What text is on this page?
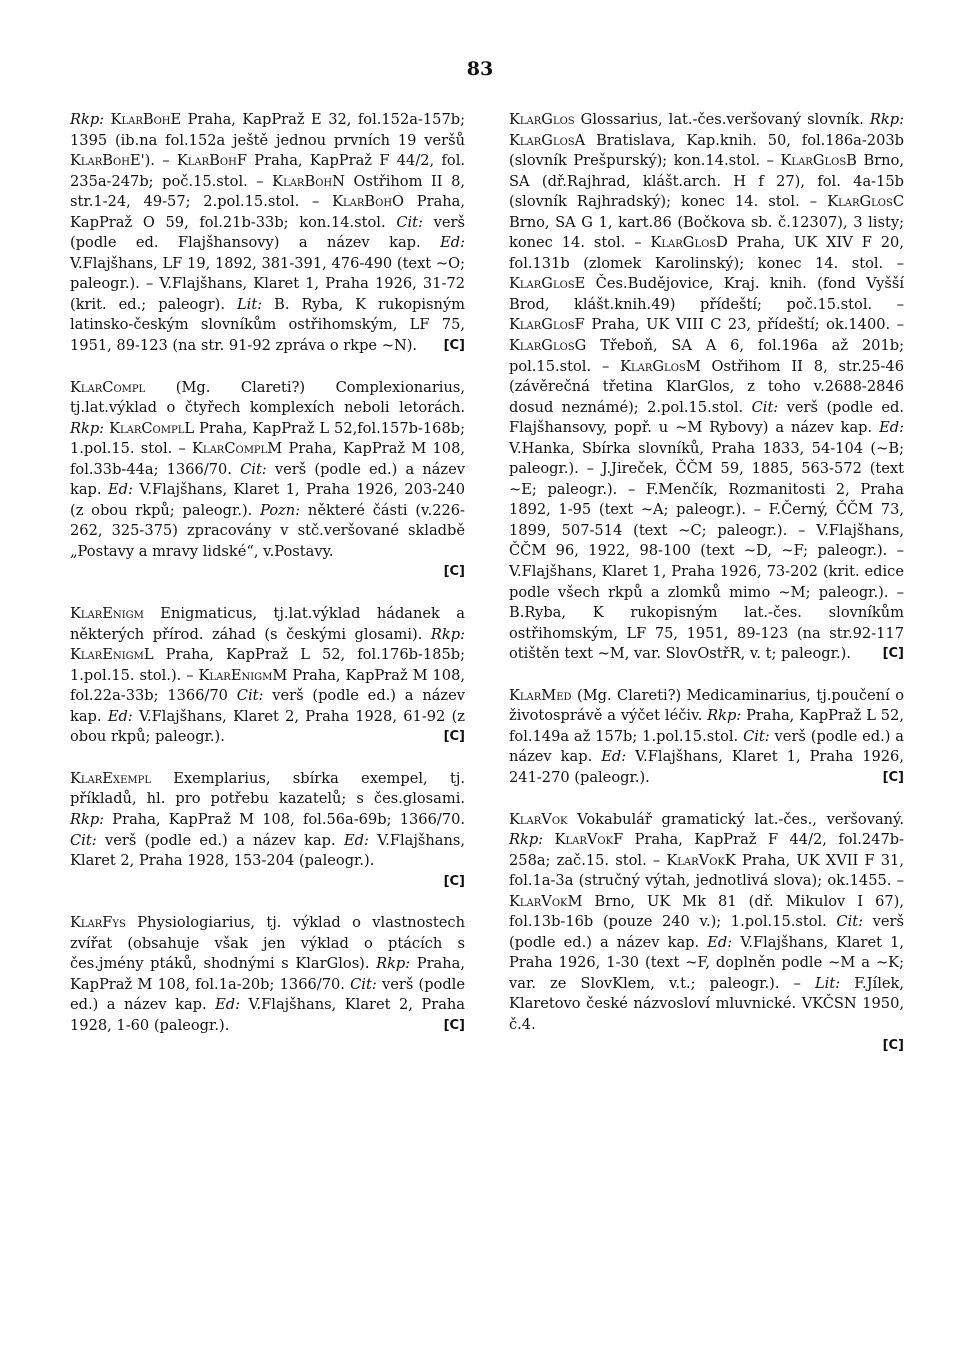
83
Rkp: KlarBohE Praha, KapPraž E 32, fol.152a-157b; 1395 (ib.na fol.152a ještě jednou prvních 19 veršů KlarBohE'). – KlarBohF Praha, KapPraž F 44/2, fol. 235a-247b; poč.15.stol. – KlarBohN Ostřihom II 8, str.1-24, 49-57; 2.pol.15.stol. – KlarBohO Praha, KapPraž O 59, fol.21b-33b; kon.14.stol. Cit: verš (podle ed. Flajšhansovy) a název kap. Ed: V.Flajšhans, LF 19, 1892, 381-391, 476-490 (text ~O; paleogr.). – V.Flajšhans, Klaret 1, Praha 1926, 31-72 (krit. ed.; paleogr). Lit: B. Ryba, K rukopisným latinsko-českým slovníkům ostřihomským, LF 75, 1951, 89-123 (na str. 91-92 zpráva o rkpe ~N). [C]
KlarCompl (Mg. Clareti?) Complexionarius, tj.lat.výklad o čtyřech komplexích neboli letorách. Rkp: KlarComplL Praha, KapPraž L 52,fol.157b-168b; 1.pol.15. stol. – KlarComplM Praha, KapPraž M 108, fol.33b-44a; 1366/70. Cit: verš (podle ed.) a název kap. Ed: V.Flajšhans, Klaret 1, Praha 1926, 203-240 (z obou rkpů; paleogr.). Pozn: některé části (v.226-262, 325-375) zpracovány v stč.veršované skladbě „Postavy a mravy lidské“, v.Postavy.
[C]
KlarEnigm Enigmaticus, tj.lat.výklad hádanek a některých přírod. záhad (s českými glosami). Rkp: KlarEnigmL Praha, KapPraž L 52, fol.176b-185b; 1.pol.15. stol.). – KlarEnigmM Praha, KapPraž M 108, fol.22a-33b; 1366/70 Cit: verš (podle ed.) a název kap. Ed: V.Flajšhans, Klaret 2, Praha 1928, 61-92 (z obou rkpů; paleogr.).	[C]
KlarExempl Exemplarius, sbírka exempel, tj. příkladů, hl. pro potřebu kazatelů; s čes.glosami. Rkp: Praha, KapPraž M 108, fol.56a-69b; 1366/70. Cit: verš (podle ed.) a název kap. Ed: V.Flajšhans, Klaret 2, Praha 1928, 153-204 (paleogr.).
[C]
KlarFys Physiologiarius, tj. výklad o vlastnostech zvířat (obsahuje však jen výklad o ptácích s čes.jmény ptáků, shodnými s KlarGlos). Rkp: Praha, KapPraž M 108, fol.1a-20b; 1366/70. Cit: verš (podle ed.) a název kap. Ed: V.Flajšhans, Klaret 2, Praha 1928, 1-60 (paleogr.).	[C]
KlarGlos Glossarius, lat.-čes.veršovaný slovník. Rkp: KlarGlosA Bratislava, Kap.knih. 50, fol.186a-203b (slovník Prešpurský); kon.14.stol. – KlarGlosB Brno, SA (dř.Rajhrad, klášt.arch. H f 27), fol. 4a-15b (slovník Rajhradský); konec 14. stol. – KlarGlosC Brno, SA G 1, kart.86 (Bočkova sb. č.12307), 3 listy; konec 14. stol. – KlarGlosD Praha, UK XIV F 20, fol.131b (zlomek Karolinský); konec 14. stol. – KlarGlosE Čes.Budějovice, Kraj. knih. (fond Vyšší Brod, klášt.knih.49) přídeští; poč.15.stol. – KlarGlosF Praha, UK VIII C 23, přídeští; ok.1400. – KlarGlosG Třeboň, SA A 6, fol.196a až 201b; pol.15.stol. – KlarGlosM Ostřihom II 8, str.25-46 (závěrečná třetina KlarGlos, z toho v.2688-2846 dosud neznámé); 2.pol.15.stol. Cit: verš (podle ed. Flajšhansovy, popř. u ~M Rybovy) a název kap. Ed: V.Hanka, Sbírka slovníků, Praha 1833, 54-104 (~B; paleogr.). – J.Jireček, ČČM 59, 1885, 563-572 (text ~E; paleogr.). – F.Menčík, Rozmanitosti 2, Praha 1892, 1-95 (text ~A; paleogr.). – F.Černý, ČČM 73, 1899, 507-514 (text ~C; paleogr.). – V.Flajšhans, ČČM 96, 1922, 98-100 (text ~D, ~F; paleogr.). – V.Flajšhans, Klaret 1, Praha 1926, 73-202 (krit. edice podle všech rkpů a zlomků mimo ~M; paleogr.). – B.Ryba, K rukopisným lat.-čes. slovníkům ostřihomským, LF 75, 1951, 89-123 (na str.92-117 otištěn text ~M, var. SlovOstřR, v. t; paleogr.). [C]
KlarMed (Mg. Clareti?) Medicaminarius, tj.poučení o životosprávě a výčet léčiv. Rkp: Praha, KapPraž L 52, fol.149a až 157b; 1.pol.15.stol. Cit: verš (podle ed.) a název kap. Ed: V.Flajšhans, Klaret 1, Praha 1926, 241-270 (paleogr.).	[C]
KlarVok Vokabulář gramatický lat.-čes., veršovaný. Rkp: KlarVokF Praha, KapPraž F 44/2, fol.247b-258a; zač.15. stol. – KlarVokK Praha, UK XVII F 31, fol.1a-3a (stručný výtah, jednotlivá slova); ok.1455. – KlarVokM Brno, UK Mk 81 (dř. Mikulov I 67), fol.13b-16b (pouze 240 v.); 1.pol.15.stol. Cit: verš (podle ed.) a název kap. Ed: V.Flajšhans, Klaret 1, Praha 1926, 1-30 (text ~F, doplněn podle ~M a ~K; var. ze SlovKlem, v.t.; paleogr.). – Lit: F.Jílek, Klaretovo české názvosloví mluvnické. VKČSN 1950, č.4.
[C]
